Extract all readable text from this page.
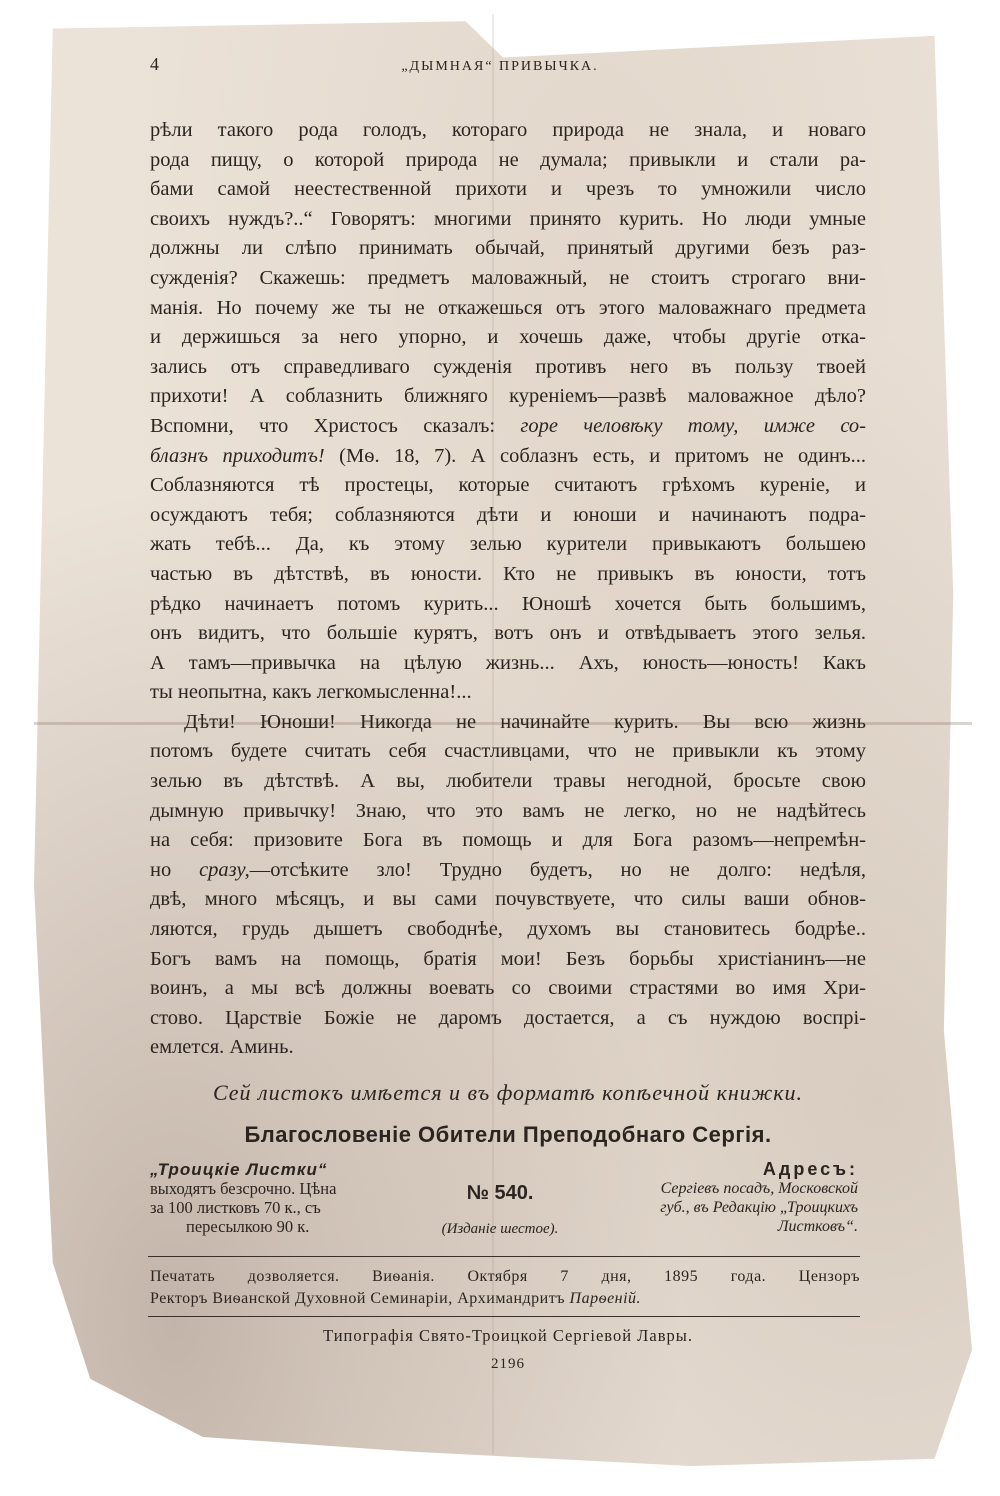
4	„ДЫМНАЯ“ ПРИВЫЧКА.
рѣли такого рода голодъ, котораго природа не знала, и новаго
рода пищу, о которой природа не думала; привыкли и стали ра-
бами самой неестественной прихоти и чрезъ то умножили число
своихъ нуждъ?..“ Говорятъ: многими принято курить. Но люди умные
должны ли слѣпо принимать обычай, принятый другими безъ раз-
сужденія? Скажешь: предметъ маловажный, не стоитъ строгаго вни-
манія. Но почему же ты не откажешься отъ этого маловажнаго предмета
и держишься за него упорно, и хочешь даже, чтобы другіе отка-
зались отъ справедливаго сужденія противъ него въ пользу твоей
прихоти! А соблазнить ближняго куреніемъ—развѣ маловажное дѣло?
Вспомни, что Христосъ сказалъ: горе человѣку тому, имже со-
блазнъ приходитъ! (Мѳ. 18, 7). А соблазнъ есть, и притомъ не одинъ...
Соблазняются тѣ простецы, которые считаютъ грѣхомъ куреніе, и
осуждаютъ тебя; соблазняются дѣти и юноши и начинаютъ подра-
жать тебѣ... Да, къ этому зелью курители привыкаютъ большею
частью въ дѣтствѣ, въ юности. Кто не привыкъ въ юности, тотъ
рѣдко начинаетъ потомъ курить... Юношѣ хочется быть большимъ,
онъ видитъ, что большіе курятъ, вотъ онъ и отвѣдываетъ этого зелья.
А тамъ—привычка на цѣлую жизнь... Ахъ, юность—юность! Какъ
ты неопытна, какъ легкомысленна!...
Дѣти! Юноши! Никогда не начинайте курить. Вы всю жизнь
потомъ будете считать себя счастливцами, что не привыкли къ этому
зелью въ дѣтствѣ. А вы, любители травы негодной, бросьте свою
дымную привычку! Знаю, что это вамъ не легко, но не надѣйтесь
на себя: призовите Бога въ помощь и для Бога разомъ—непремѣн-
но сразу,—отсѣките зло! Трудно будетъ, но не долго: недѣля,
двѣ, много мѣсяцъ, и вы сами почувствуете, что силы ваши обнов-
ляются, грудь дышетъ свободнѣе, духомъ вы становитесь бодрѣе..
Богъ вамъ на помощь, братія мои! Безъ борьбы христіанинъ—не
воинъ, а мы всѣ должны воевать со своими страстями во имя Хри-
стово. Царствіе Божіе не даромъ достается, а съ нуждою воспрі-
емлется. Аминь.
Сей листокъ имѣется и въ форматѣ копѣечной книжки.
Благословеніе Обители Преподобнаго Сергія.
„Троицкіе Листки“
выходятъ безсрочно. Цѣна
за 100 листковъ 70 к., съ
пересылкою 90 к.
№ 540.
(Изданіе шестое).
Адресъ:
Сергіевъ посадъ, Московской
губ., въ Редакцію „Троицкихъ
Листковъ“.
Печатать дозволяется. Виѳанія. Октября 7 дня, 1895 года. Цензоръ
Ректоръ Виѳанской Духовной Семинаріи, Архимандритъ Парѳеній.
Типографія Свято-Троицкой Сергіевой Лавры.
2196
